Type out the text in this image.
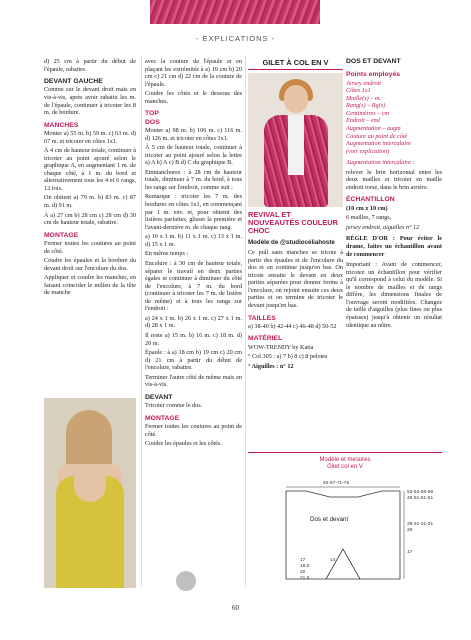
- EXPLICATIONS -

d) 25 cm à partir du début de l'épaule, rabattre.

DEVANT GAUCHE

Comme sur le devant droit mais en vis-à-vis, après avoir rabattu les m. de l'épaule, continuer à tricoter les 8 m. de bordure.

MANCHES

Monter a) 55 m. b) 59 m. c) 63 m. d) 67 m. et tricoter en côtes 1x1.

À 4 cm de hauteur totale, continuer à tricoter au point ajouré selon le graphique A, en augmentant 1 m. de chaque côté, à 1 m. du bord et alternativement tous les 4 et 6 rangs, 12 fois.

On obtient a) 79 m. b) 83 m. c) 87 m. d) 91 m.

À a) 27 cm b) 28 cm c) 28 cm d) 30 cm de hauteur totale, rabattre.

MONTAGE

Fermer toutes les coutures au point de côté.

Coudre les épaules et la bordure du devant droit sur l'encolure du dos.

Appliquer et coudre les manches, en faisant coïncider le milieu de la tête de manche

avec la couture de l'épaule et en plaçant les extrémités à a) 19 cm b) 20 cm c) 21 cm d) 22 cm de la couture de l'épaule.

Coudre les côtés et le dessous des manches.

TOP
DOS

Monter a) 98 m. b) 106 m. c) 116 m. d) 126 m. et tricoter en côtes 1x1.

À 5 cm de hauteur totale, continuer à tricoter au point ajouré selon la lettre a) A b) A c) B d) C du graphique B.

Emmanchures : à 28 cm de hauteur totale, diminuer à 7 m. du bord, à tous les rangs sur l'endroit, comme suit :

Remarque : tricoter les 7 m. des bordures en côtes 1x1, en commençant par 1 m. env. et, pour obtenir des lisières parfaites, glisser la première et l'avant-dernière m. de chaque rang.

a) 10 x 1 m. b) 11 x 1 m. c) 13 x 1 m. d) 15 x 1 m.

En même temps :

Encolure : à 30 cm de hauteur totale, séparer le travail en deux parties égales et continuer à diminuer du côté de l'encolure, à 7 m. du bord (continuer à tricoter les 7 m. de lisière de même) et à tous les rangs sur l'endroit :

a) 24 x 1 m. b) 26 x 1 m. c) 27 x 1 m. d) 28 x 1 m.

Il reste a) 15 m. b) 16 m. c) 18 m. d) 20 m.

Épaule : à a) 18 cm b) 19 cm c) 20 cm d) 21 cm à partir du début de l'encolure, rabattre.

Terminer l'autre côté de même mais en vis-à-vis.

DEVANT

Tricoter comme le dos.

MONTAGE

Fermer toutes les coutures au point de côté.

Coudre les épaules et les côtés.

GILET À COL EN V
REVIVAL ET NOUVEAUTÉS COULEUR CHOC

Modèle de @studiocéliahoste

Ce pull sans manches se tricote à partir des épaules et de l'encolure du dos et on continue jusqu'en bas. On tricote ensuite le devant en deux parties séparées pour donner forme à l'encolure, on rejoint ensuite ces deux parties et on termine de tricoter le devant jusqu'en bas.

TAILLES

a) 38-40 b) 42-44 c) 46-48 d) 50-52

MATÉRIEL

WOW-TRENDY by Katia

° Col 305 : a) 7 b) 8 c) 8 pelotes

° Aiguilles : n° 12

DOS ET DEVANT
Points employés
Jersey endroit
Côtes 1x1
Maille(s) – m.
Rang(s) – Rg(s)
Centimètres – cm
Endroit – end
Augmentation – augm
Couture au point de côté
Augmentation intercalaire
(voir explication)

Augmentation intercalaire :

relever le brin horizontal entre les deux mailles et tricoter en maille endroit torse, dans le brin arrière.

ÉCHANTILLON

(10 cm x 10 cm)

6 mailles, 7 rangs,

jersey endroit, aiguilles n° 12

RÈGLE D'OR : Pour éviter le drame, faites un échantillon avant de commencer

Important : Avant de commencer, tricotez un échantillon pour vérifier qu'il correspond à celui du modèle. Si le nombre de mailles et de rangs diffère, les dimensions finales de l'ouvrage seront modifiées. Changez de taille d'aiguilles (plus fines ou plus épaisses) jusqu'à obtenir un résultat identique au nôtre.

Modèle et mesures
Gilet col en V
62-67-71-76
53-54-56-56
48-51-51-51
28-31-31-31
26
17
Dos et devant
17
18,5
20
21,5
14
60
